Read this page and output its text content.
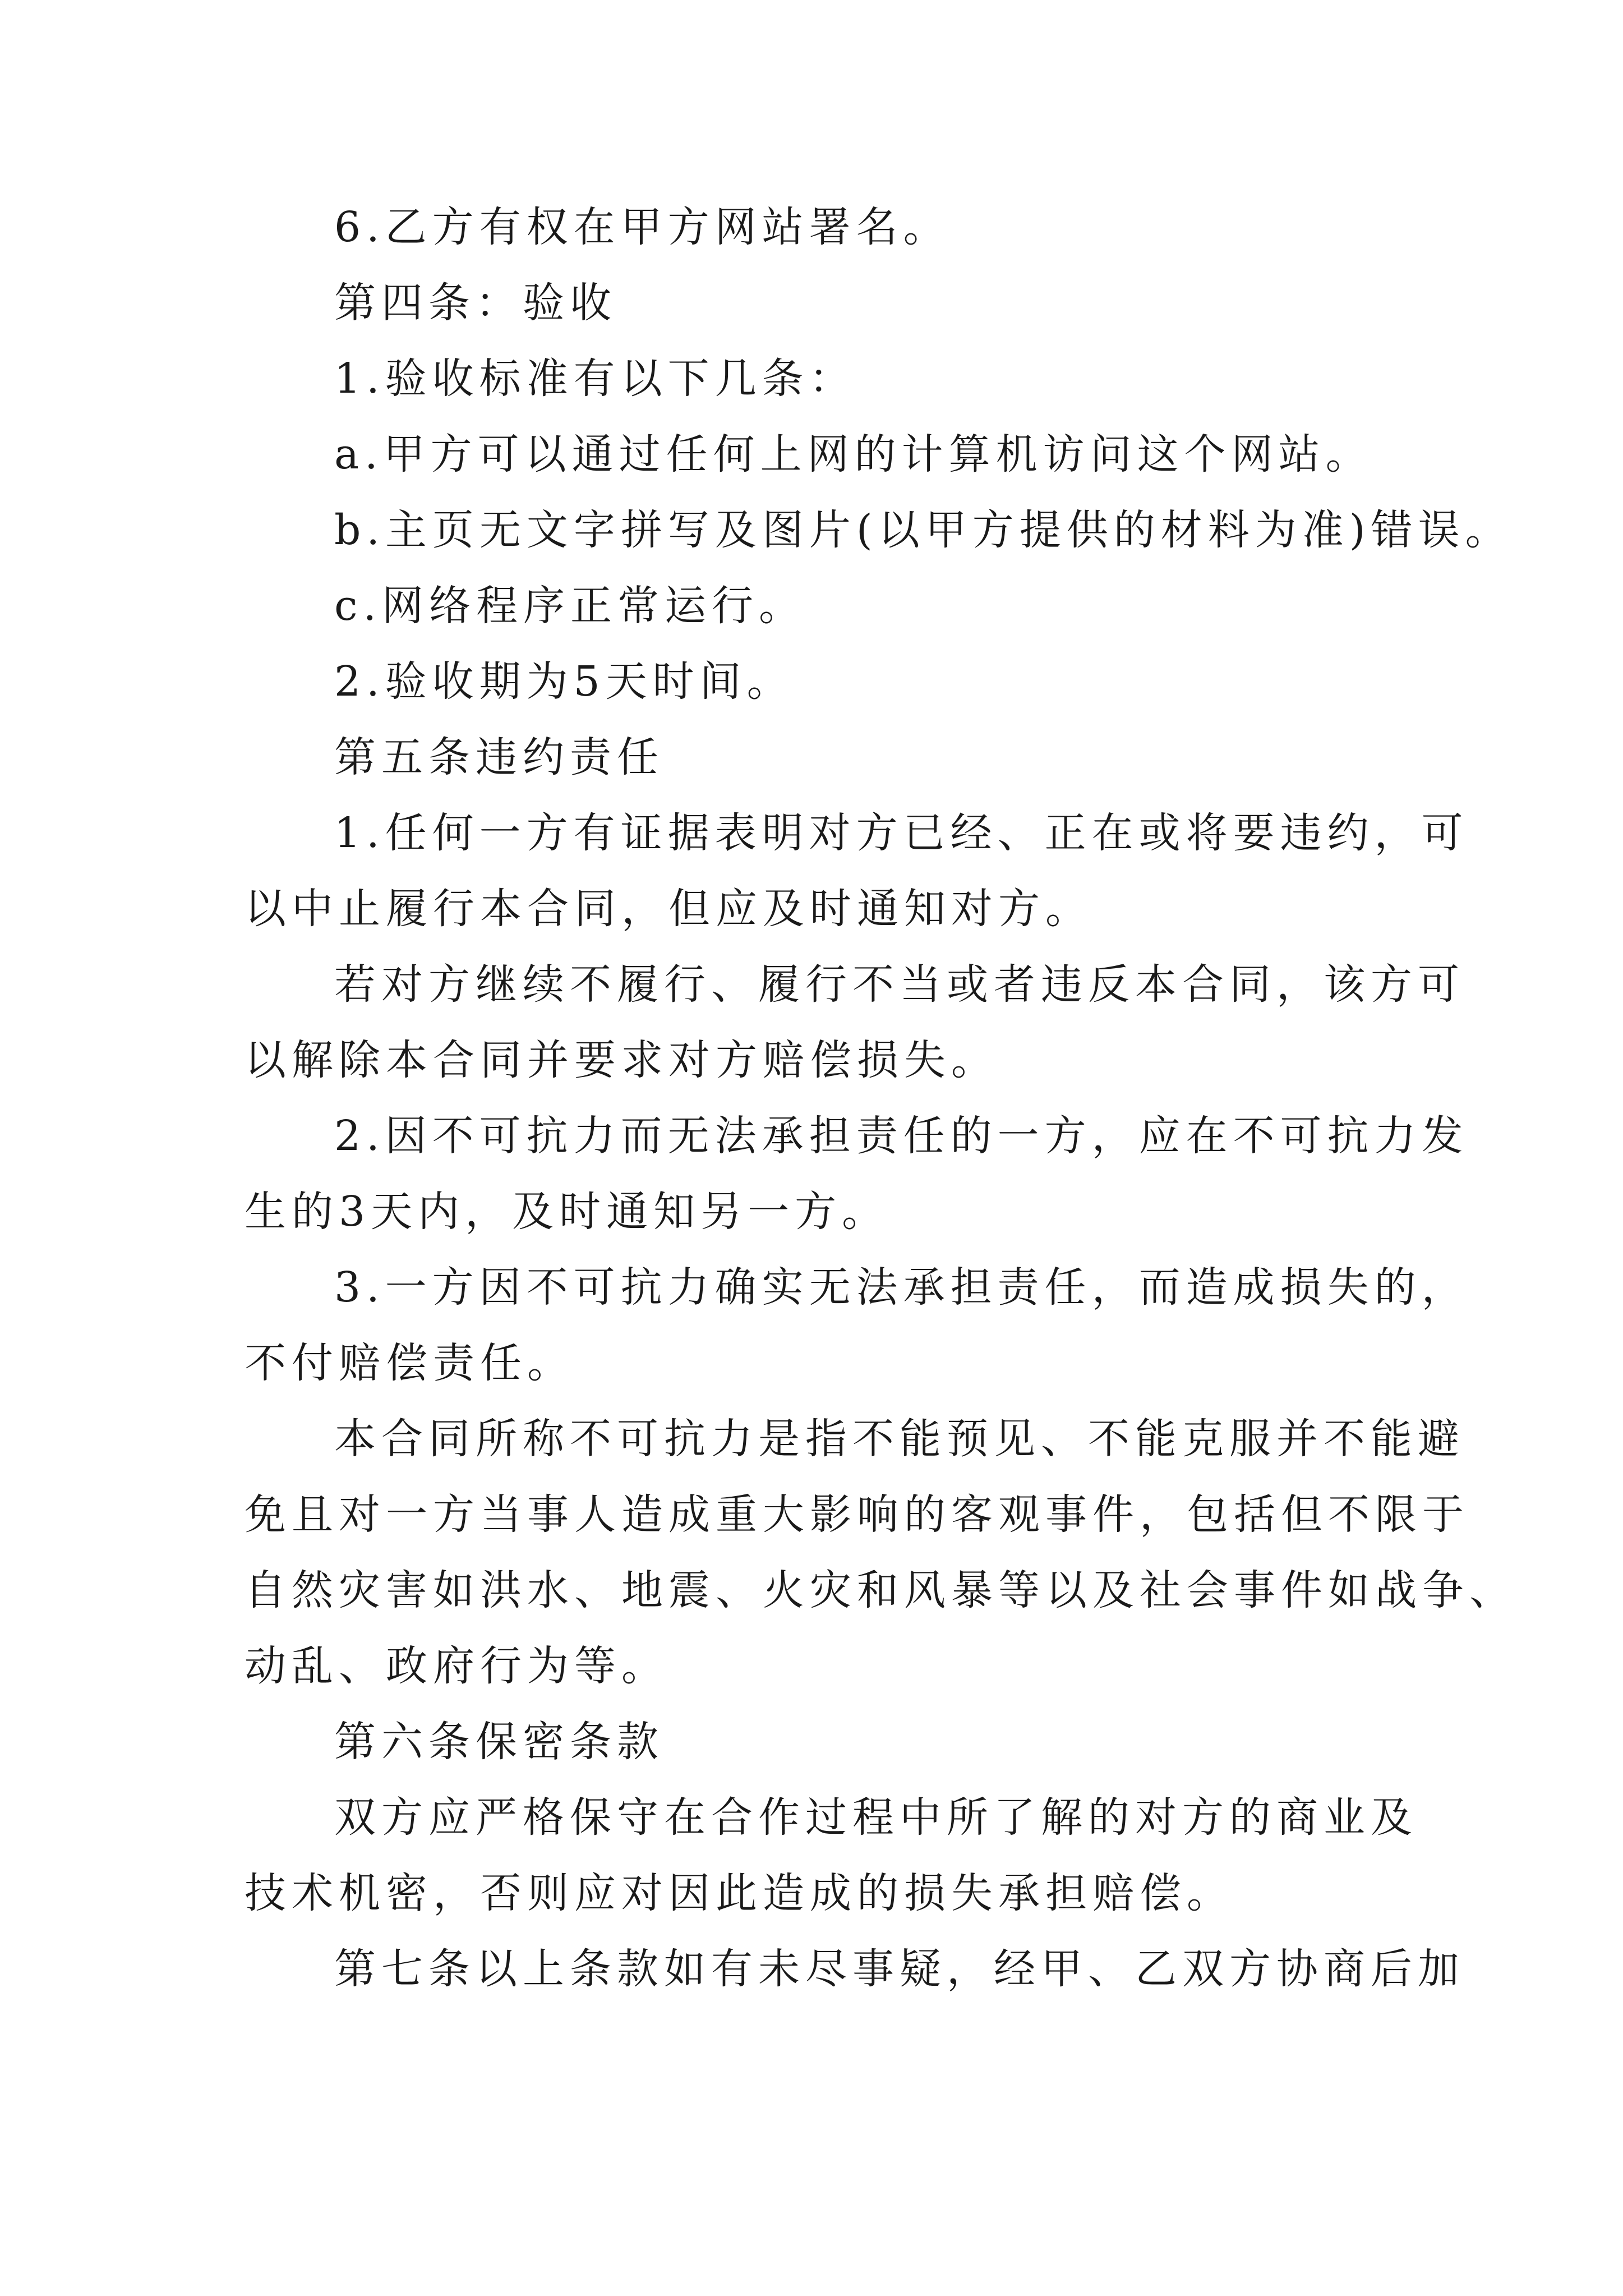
6.乙方有权在甲方网站署名。
第四条：验收
1.验收标准有以下几条：
a.甲方可以通过任何上网的计算机访问这个网站。
b.主页无文字拼写及图片(以甲方提供的材料为准)错误。
c.网络程序正常运行。
2.验收期为5天时间。
第五条违约责任
1.任何一方有证据表明对方已经、正在或将要违约，可
以中止履行本合同，但应及时通知对方。
若对方继续不履行、履行不当或者违反本合同，该方可
以解除本合同并要求对方赔偿损失。
2.因不可抗力而无法承担责任的一方，应在不可抗力发
生的3天内，及时通知另一方。
3.一方因不可抗力确实无法承担责任，而造成损失的，
不付赔偿责任。
本合同所称不可抗力是指不能预见、不能克服并不能避
免且对一方当事人造成重大影响的客观事件，包括但不限于
自然灾害如洪水、地震、火灾和风暴等以及社会事件如战争、
动乱、政府行为等。
第六条保密条款
双方应严格保守在合作过程中所了解的对方的商业及
技术机密，否则应对因此造成的损失承担赔偿。
第七条以上条款如有未尽事疑，经甲、乙双方协商后加
